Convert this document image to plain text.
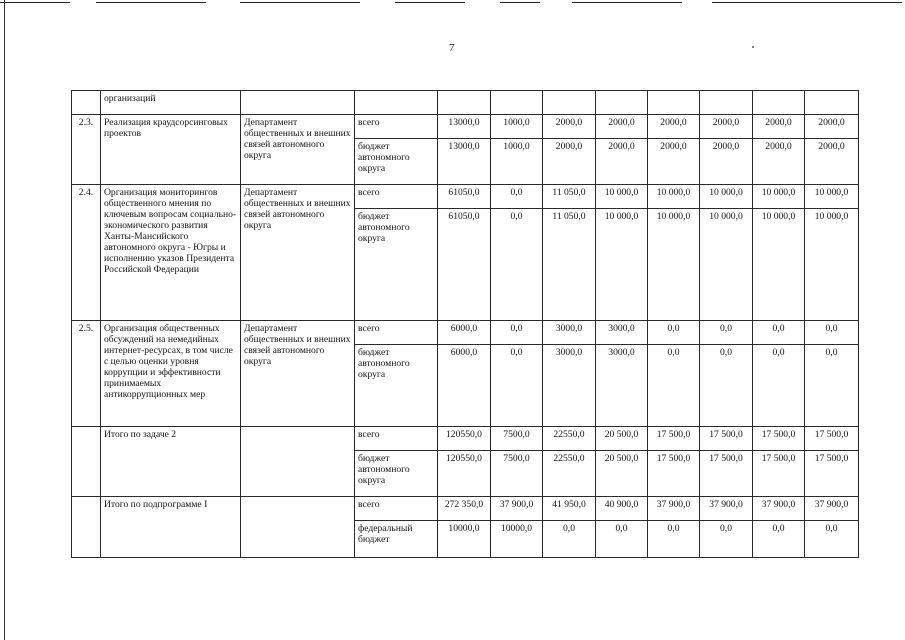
7
	организаций										
2.3.	Реализация краудсорсинговых проектов	Департамент общественных и внешних связей автономного округа	всего	13000,0	1000,0	2000,0	2000,0	2000,0	2000,0	2000,0	2000,0
			бюджет автономного округа	13000,0	1000,0	2000,0	2000,0	2000,0	2000,0	2000,0	2000,0
2.4.	Организация мониторингов общественного мнения по ключевым вопросам социально-экономического развития Ханты-Мансийского автономного округа - Югры и исполнению указов Президента Российской Федерации	Департамент общественных и внешних связей автономного округа	всего	61050,0	0,0	11 050,0	10 000,0	10 000,0	10 000,0	10 000,0	10 000,0
			бюджет автономного округа	61050,0	0,0	11 050,0	10 000,0	10 000,0	10 000,0	10 000,0	10 000,0
2.5.	Организация общественных обсуждений на немедийных интернет-ресурсах, в том числе с целью оценки уровня коррупции и эффективности принимаемых антикоррупционных мер	Департамент общественных и внешних связей автономного округа	всего	6000,0	0,0	3000,0	3000,0	0,0	0,0	0,0	0,0
			бюджет автономного округа	6000,0	0,0	3000,0	3000,0	0,0	0,0	0,0	0,0
	Итого по задаче 2		всего	120550,0	7500,0	22550,0	20 500,0	17 500,0	17 500,0	17 500,0	17 500,0
			бюджет автономного округа	120550,0	7500,0	22550,0	20 500,0	17 500,0	17 500,0	17 500,0	17 500,0
	Итого по подпрограмме I		всего	272 350,0	37 900,0	41 950,0	40 900,0	37 900,0	37 900,0	37 900,0	37 900,0
			федеральный бюджет	10000,0	10000,0	0,0	0,0	0,0	0,0	0,0	0,0
